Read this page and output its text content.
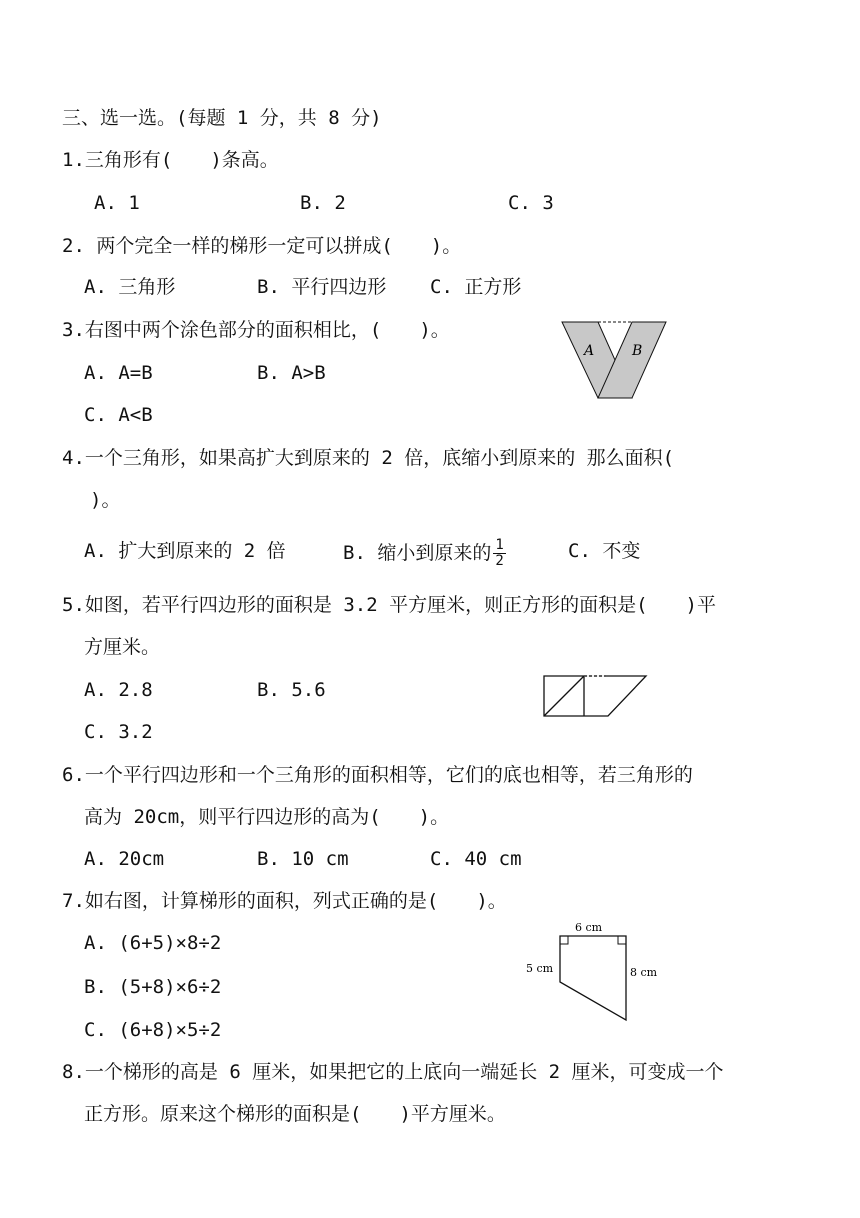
三、选一选。(每题 1 分，共 8 分)
1.三角形有(　　)条高。
A. 1	B. 2	C. 3
2. 两个完全一样的梯形一定可以拼成(　　)。
A. 三角形	B. 平行四边形 C. 正方形
3.右图中两个涂色部分的面积相比，(　　)。
A. A=B	B. A>B
C. A<B
A	B
4.一个三角形，如果高扩大到原来的 2 倍，底缩小到原来的 那么面积(
)。
A. 扩大到原来的 2 倍	B. 缩小到原来的 $\frac{1}{2}$	C. 不变
5.如图，若平行四边形的面积是 3.2 平方厘米，则正方形的面积是(　　)平
方厘米。
A. 2.8	B. 5.6
C. 3.2
6.一个平行四边形和一个三角形的面积相等，它们的底也相等，若三角形的
高为 20cm，则平行四边形的高为(　　)。
A. 20cm	B. 10 cm	C. 40 cm
7.如右图，计算梯形的面积，列式正确的是(　　)。
A. (6+5)×8÷2
B. (5+8)×6÷2
C. (6+8)×5÷2
6 cm
5 cm	8 cm
8.一个梯形的高是 6 厘米，如果把它的上底向一端延长 2 厘米，可变成一个
正方形。原来这个梯形的面积是(　　)平方厘米。
